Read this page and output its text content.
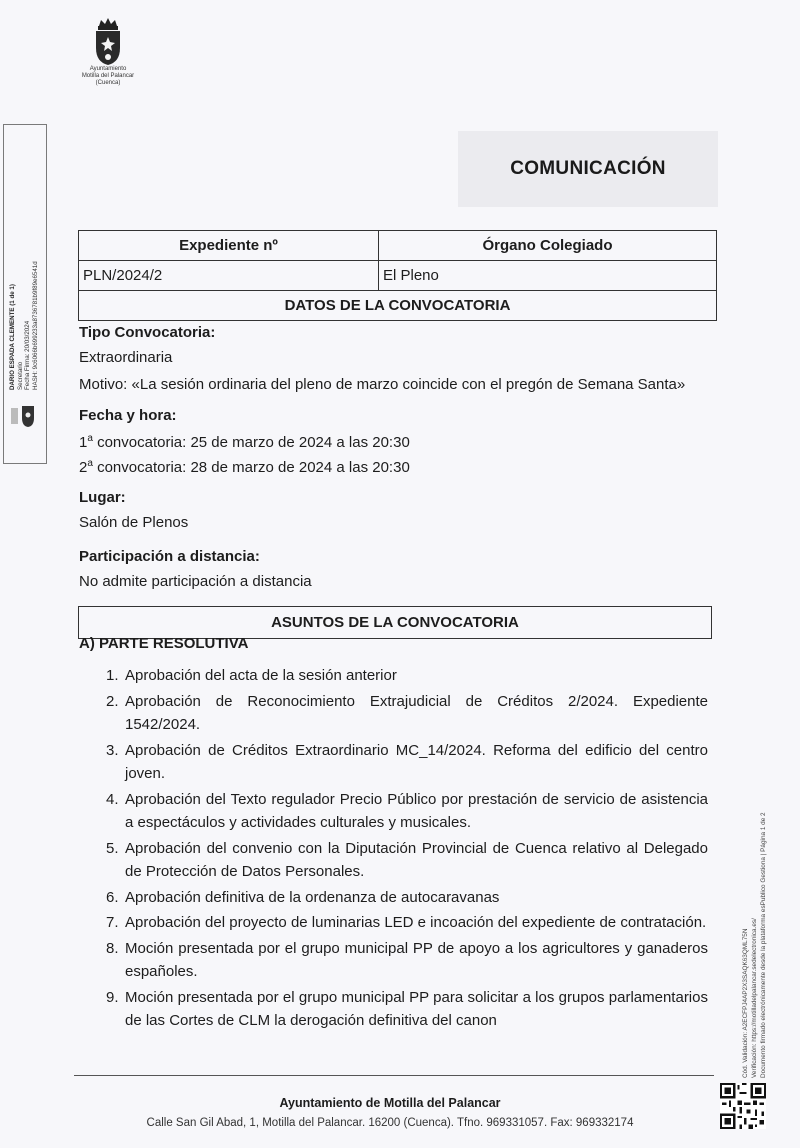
Ayuntamiento
Motilla del Palancar
(Cuenca)
DARIO ESPADA CLEMENTE (1 de 1) Secretario Fecha Firma: 20/03/2024 HASH: 9c6066b699233a8736781b9f89e6541d
Cód. Validación: A2ECFPJ4AP2X3SAQK63QML75N Verificación: https://motilladelpalancar.sedelectronica.es/ Documento firmado electrónicamente desde la plataforma esPublico Gestiona | Página 1 de 2
COMUNICACIÓN
Expediente nº	Órgano Colegiado
PLN/2024/2	El Pleno
DATOS DE LA CONVOCATORIA
Tipo Convocatoria:
Extraordinaria
Motivo: «La sesión ordinaria del pleno de marzo coincide con el pregón de Semana Santa»
Fecha y hora:
1$^a$ convocatoria: 25 de marzo de 2024 a las 20:30
2$^a$ convocatoria: 28 de marzo de 2024 a las 20:30
Lugar:
Salón de Plenos
Participación a distancia:
No admite participación a distancia
ASUNTOS DE LA CONVOCATORIA
A) PARTE RESOLUTIVA
1. Aprobación del acta de la sesión anterior
2. Aprobación de Reconocimiento Extrajudicial de Créditos 2/2024. Expediente 1542/2024.
3. Aprobación de Créditos Extraordinario MC_14/2024. Reforma del edificio del centro joven.
4. Aprobación del Texto regulador Precio Público por prestación de servicio de asistencia a espectáculos y actividades culturales y musicales.
5. Aprobación del convenio con la Diputación Provincial de Cuenca relativo al Delegado de Protección de Datos Personales.
6. Aprobación definitiva de la ordenanza de autocaravanas
7. Aprobación del proyecto de luminarias LED e incoación del expediente de contratación.
8. Moción presentada por el grupo municipal PP de apoyo a los agricultores y ganaderos españoles.
9. Moción presentada por el grupo municipal PP para solicitar a los grupos parlamentarios de las Cortes de CLM la derogación definitiva del canon
Ayuntamiento de Motilla del Palancar
Calle San Gil Abad, 1, Motilla del Palancar. 16200 (Cuenca). Tfno. 969331057. Fax: 969332174
